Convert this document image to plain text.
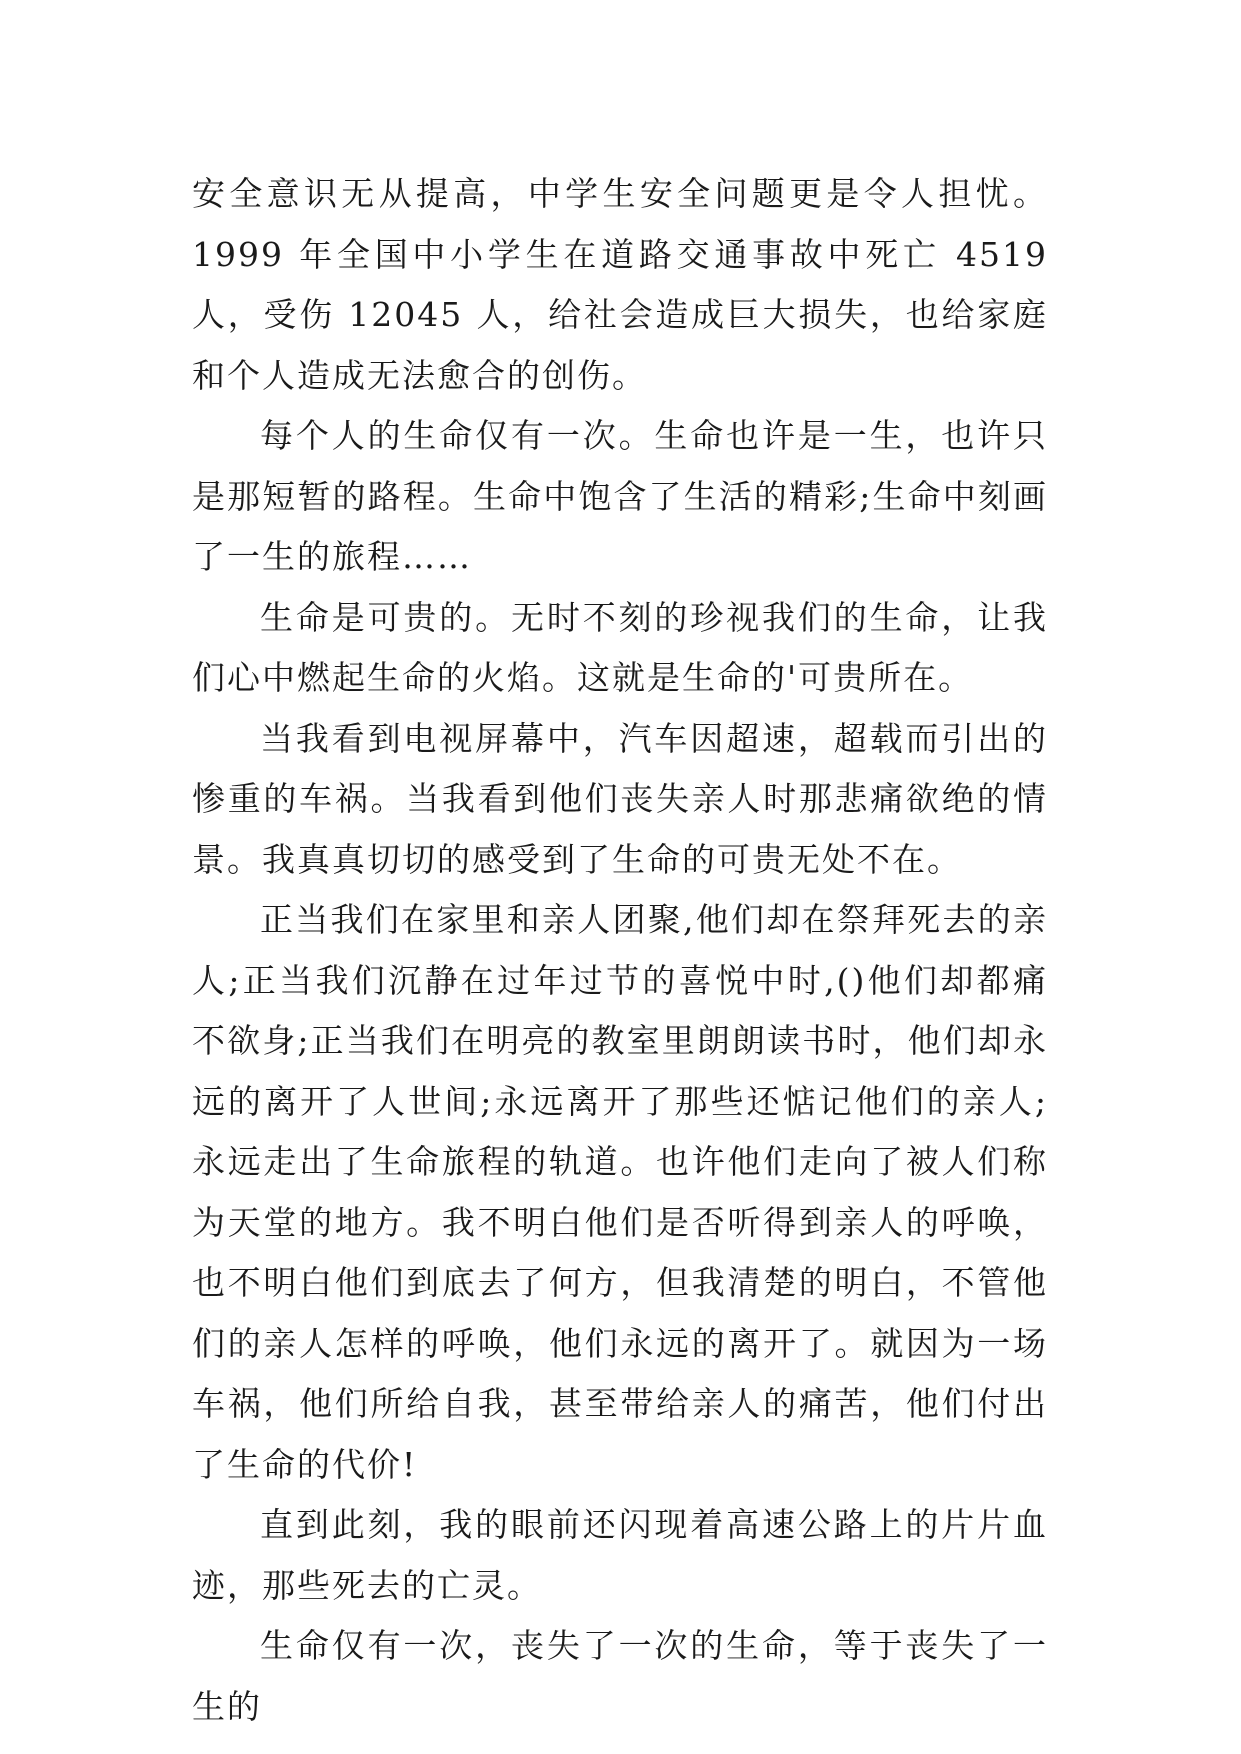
安全意识无从提高，中学生安全问题更是令人担忧。1999 年全国中小学生在道路交通事故中死亡 4519 人，受伤 12045 人，给社会造成巨大损失，也给家庭和个人造成无法愈合的创伤。

每个人的生命仅有一次。生命也许是一生，也许只是那短暂的路程。生命中饱含了生活的精彩;生命中刻画了一生的旅程……

生命是可贵的。无时不刻的珍视我们的生命，让我们心中燃起生命的火焰。这就是生命的'可贵所在。

当我看到电视屏幕中，汽车因超速，超载而引出的惨重的车祸。当我看到他们丧失亲人时那悲痛欲绝的情景。我真真切切的感受到了生命的可贵无处不在。

正当我们在家里和亲人团聚,他们却在祭拜死去的亲人;正当我们沉静在过年过节的喜悦中时,()他们却都痛不欲身;正当我们在明亮的教室里朗朗读书时，他们却永远的离开了人世间;永远离开了那些还惦记他们的亲人;永远走出了生命旅程的轨道。也许他们走向了被人们称为天堂的地方。我不明白他们是否听得到亲人的呼唤，也不明白他们到底去了何方，但我清楚的明白，不管他们的亲人怎样的呼唤，他们永远的离开了。就因为一场车祸，他们所给自我，甚至带给亲人的痛苦，他们付出了生命的代价!

直到此刻，我的眼前还闪现着高速公路上的片片血迹，那些死去的亡灵。

生命仅有一次，丧失了一次的生命，等于丧失了一生的
